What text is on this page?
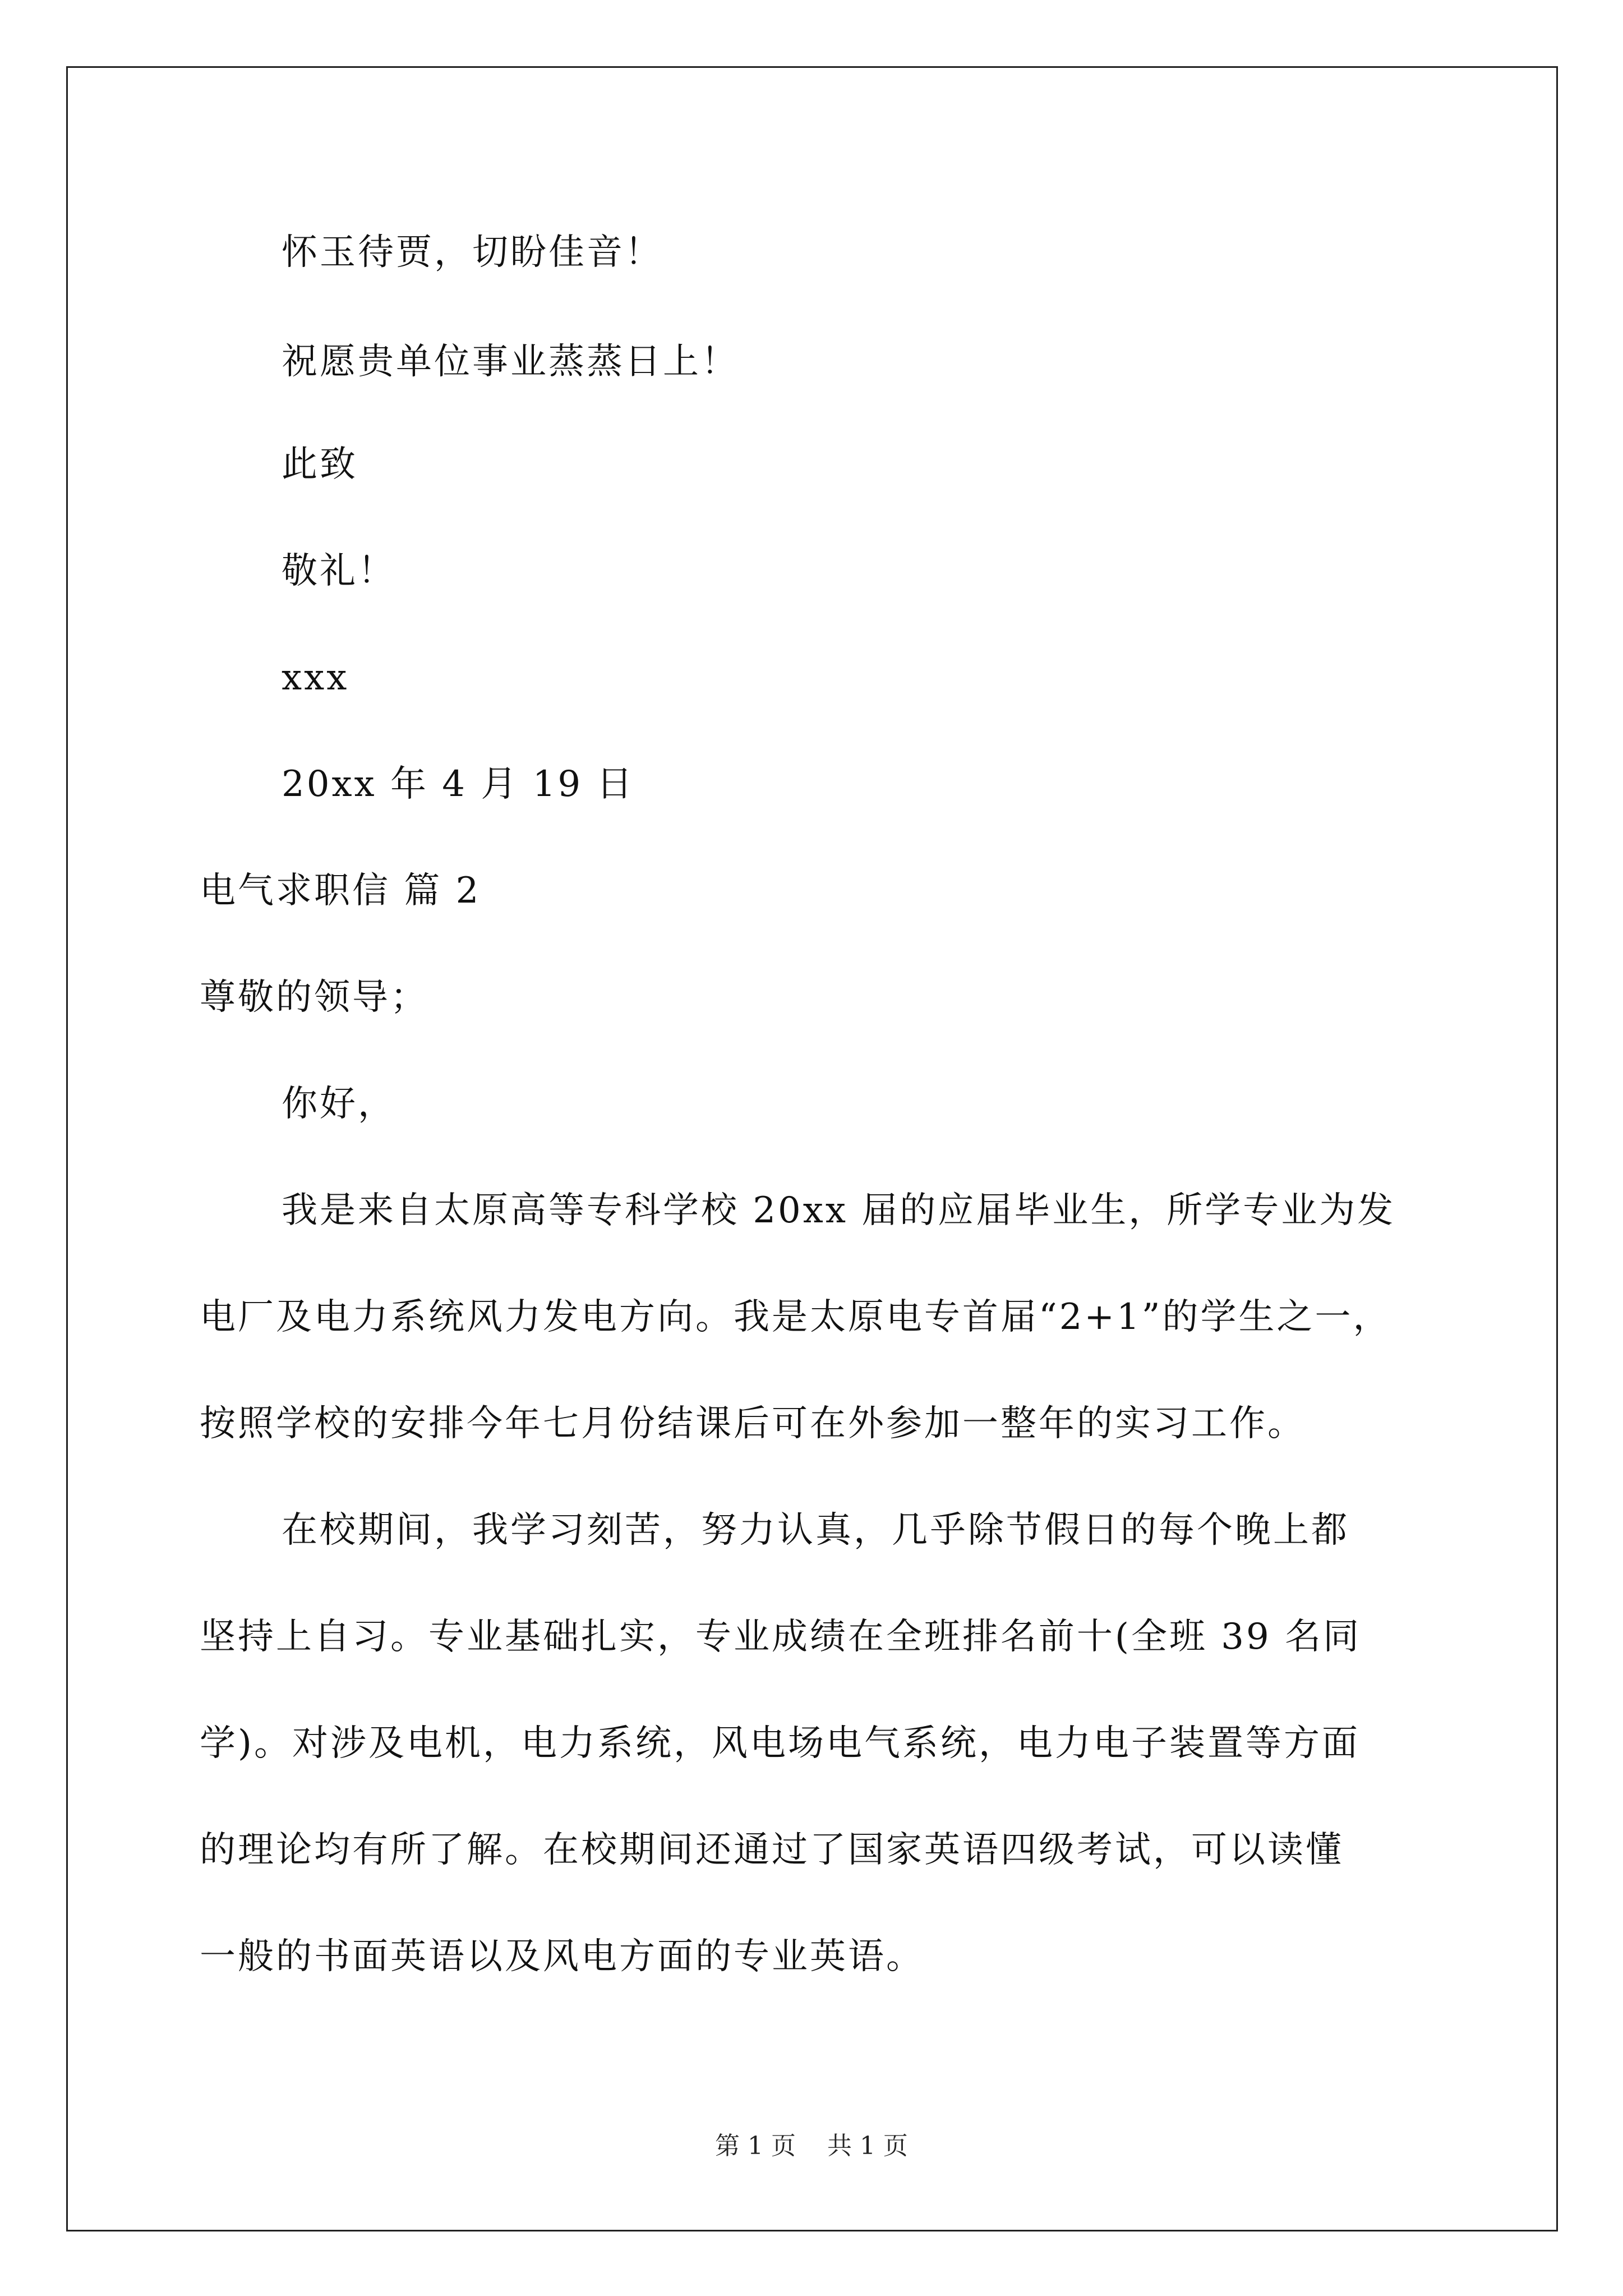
怀玉待贾，切盼佳音！
祝愿贵单位事业蒸蒸日上！
此致
敬礼！
xxx
20xx 年 4 月 19 日
电气求职信 篇 2
尊敬的领导；
你好，
我是来自太原高等专科学校 20xx 届的应届毕业生，所学专业为发
电厂及电力系统风力发电方向。我是太原电专首届“2+1”的学生之一，
按照学校的安排今年七月份结课后可在外参加一整年的实习工作。
在校期间，我学习刻苦，努力认真，几乎除节假日的每个晚上都
坚持上自习。专业基础扎实，专业成绩在全班排名前十(全班 39 名同
学)。对涉及电机，电力系统，风电场电气系统，电力电子装置等方面
的理论均有所了解。在校期间还通过了国家英语四级考试，可以读懂
一般的书面英语以及风电方面的专业英语。
第 1 页    共 1 页
